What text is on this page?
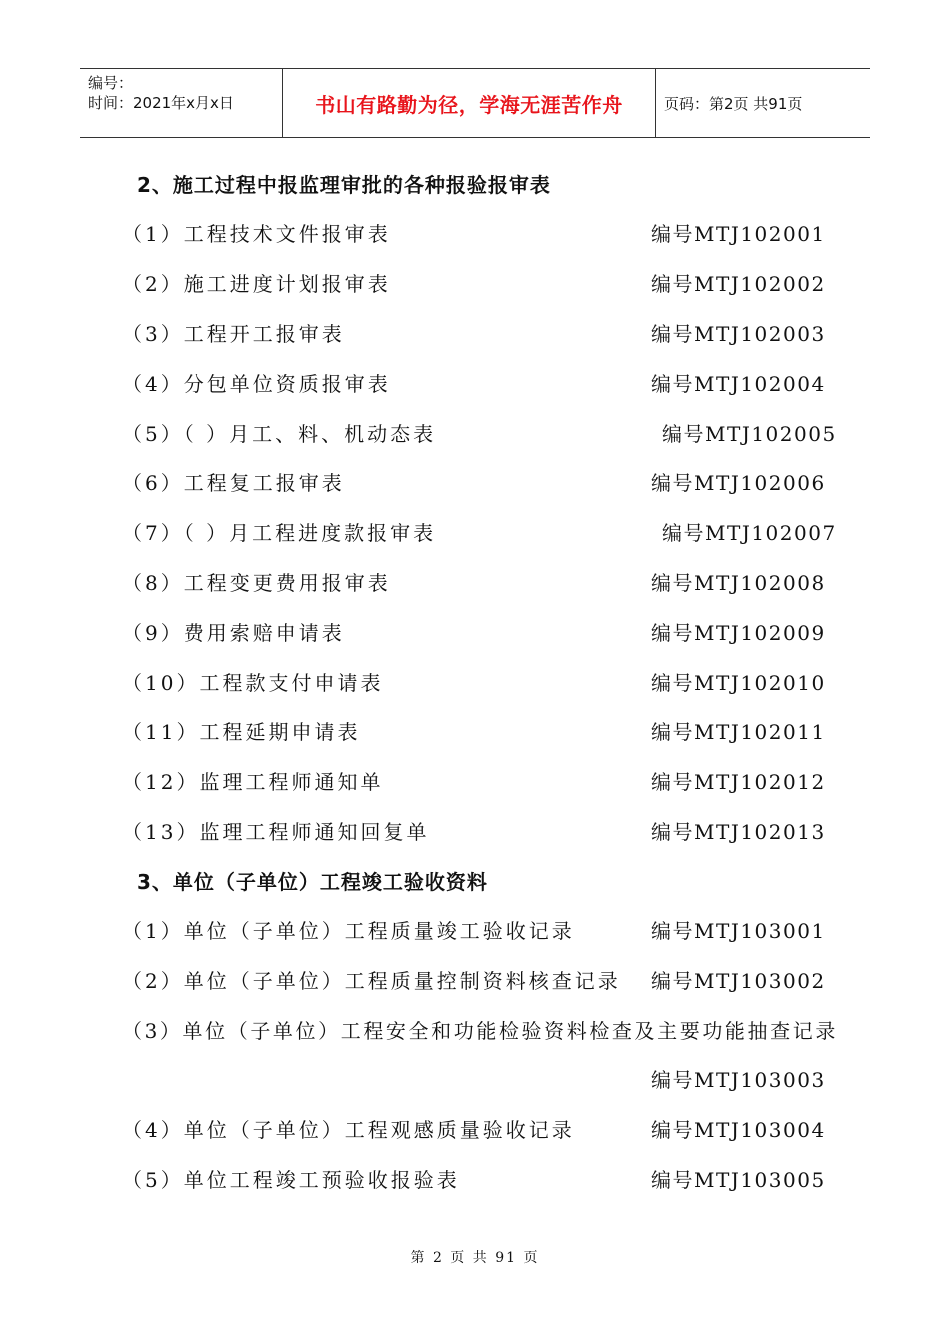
编号：
时间：2021年x月x日	书山有路勤为径，学海无涯苦作舟	页码：第2页 共91页
2、施工过程中报监理审批的各种报验报审表
（1）工程技术文件报审表	编号MTJ102001
（2）施工进度计划报审表	编号MTJ102002
（3）工程开工报审表	编号MTJ102003
（4）分包单位资质报审表	编号MTJ102004
（5）（ ）月工、料、机动态表	编号MTJ102005
（6）工程复工报审表	编号MTJ102006
（7）（ ）月工程进度款报审表	编号MTJ102007
（8）工程变更费用报审表	编号MTJ102008
（9）费用索赔申请表	编号MTJ102009
（10）工程款支付申请表	编号MTJ102010
（11）工程延期申请表	编号MTJ102011
（12）监理工程师通知单	编号MTJ102012
（13）监理工程师通知回复单	编号MTJ102013
3、单位（子单位）工程竣工验收资料
（1）单位（子单位）工程质量竣工验收记录	编号MTJ103001
（2）单位（子单位）工程质量控制资料核查记录 编号MTJ103002
（3）单位（子单位）工程安全和功能检验资料检查及主要功能抽查记录
编号MTJ103003
（4）单位（子单位）工程观感质量验收记录	编号MTJ103004
（5）单位工程竣工预验收报验表	编号MTJ103005
第 2 页 共 91 页
